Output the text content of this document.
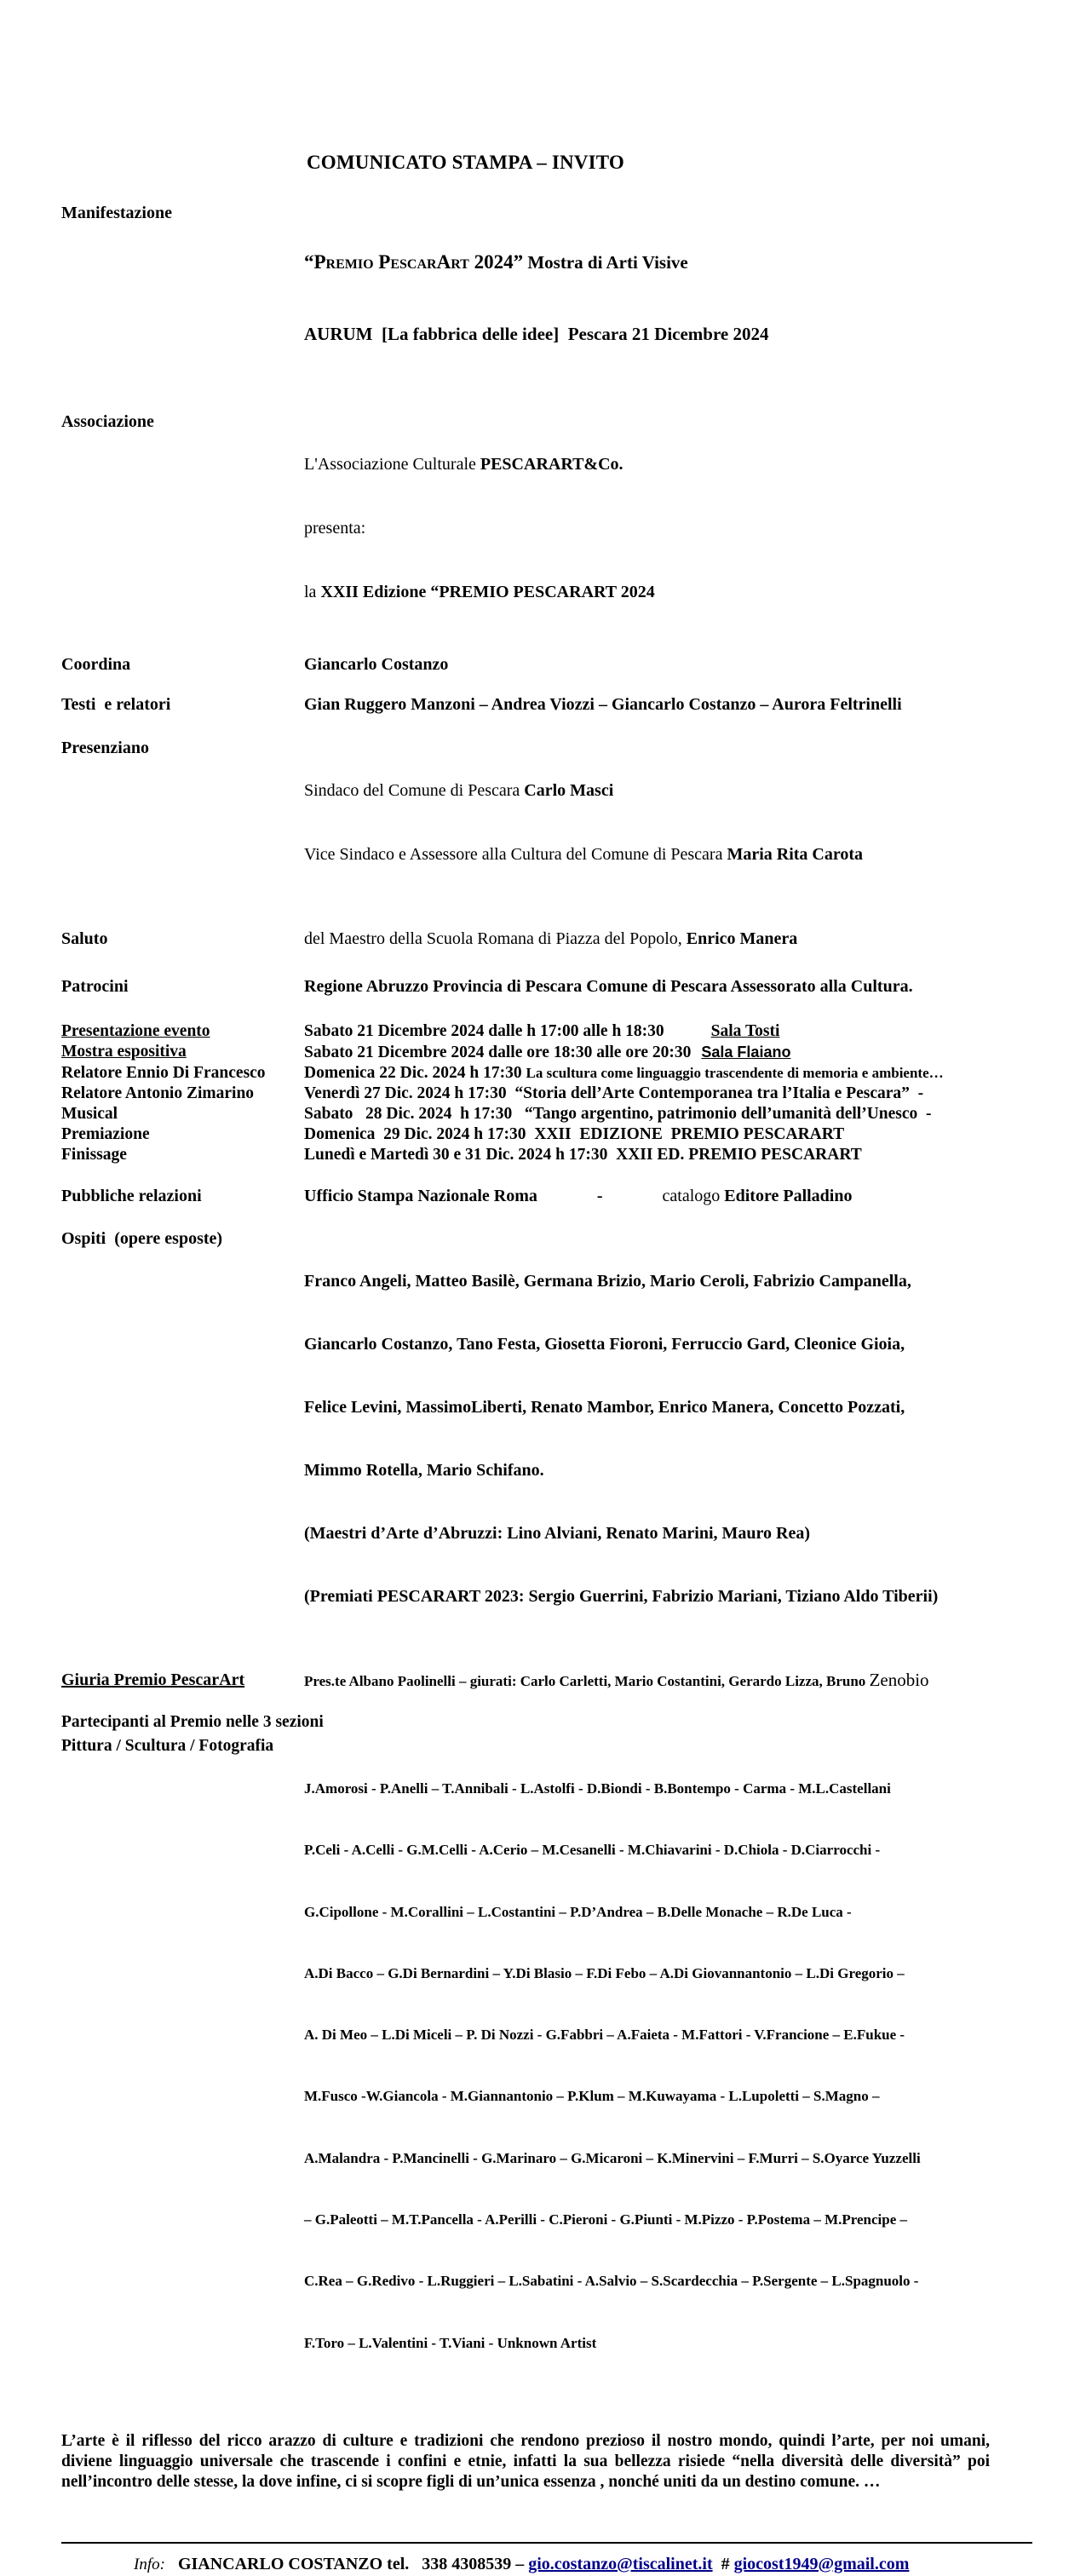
COMUNICATO STAMPA – INVITO
Manifestazione

“Premio PescarArt 2024” Mostra di Arti Visive

AURUM  [La fabbrica delle idee]  Pescara 21 Dicembre 2024

Associazione

L'Associazione Culturale PESCARART&Co.

presenta:

la XXII Edizione “PREMIO PESCARART 2024

Coordina	Giancarlo Costanzo
Testi  e relatori	Gian Ruggero Manzoni – Andrea Viozzi – Giancarlo Costanzo – Aurora Feltrinelli
Presenziano

Sindaco del Comune di Pescara Carlo Masci

Vice Sindaco e Assessore alla Cultura del Comune di Pescara Maria Rita Carota

Saluto	del Maestro della Scuola Romana di Piazza del Popolo, Enrico Manera
Patrocini	Regione Abruzzo Provincia di Pescara Comune di Pescara Assessorato alla Cultura.
Presentazione evento	Sabato 21 Dicembre 2024 dalle h 17:00 alle h 18:30	Sala Tosti
Mostra espositiva	Sabato 21 Dicembre 2024 dalle ore 18:30 alle ore 20:30 Sala Flaiano
Relatore Ennio Di Francesco	Domenica 22 Dic. 2024 h 17:30 La scultura come linguaggio trascendente di memoria e ambiente…
Relatore Antonio Zimarino	Venerdì 27 Dic. 2024 h 17:30  “Storia dell’Arte Contemporanea tra l’Italia e Pescara”  -
Musical	Sabato   28 Dic. 2024  h 17:30   “Tango argentino, patrimonio dell’umanità dell’Unesco  -
Premiazione	Domenica  29 Dic. 2024 h 17:30  XXII  EDIZIONE  PREMIO PESCARART
Finissage	Lunedì e Martedì 30 e 31 Dic. 2024 h 17:30  XXII ED. PREMIO PESCARART
Pubbliche relazioni	Ufficio Stampa Nazionale Roma	-	catalogo Editore Palladino
Ospiti  (opere esposte)

Franco Angeli, Matteo Basilè, Germana Brizio, Mario Ceroli, Fabrizio Campanella,

Giancarlo Costanzo, Tano Festa, Giosetta Fioroni, Ferruccio Gard, Cleonice Gioia,

Felice Levini, MassimoLiberti, Renato Mambor, Enrico Manera, Concetto Pozzati,

Mimmo Rotella, Mario Schifano.

(Maestri d’Arte d’Abruzzi: Lino Alviani, Renato Marini, Mauro Rea)

(Premiati PESCARART 2023: Sergio Guerrini, Fabrizio Mariani, Tiziano Aldo Tiberii)

Giuria Premio PescarArt	Pres.te Albano Paolinelli – giurati: Carlo Carletti, Mario Costantini, Gerardo Lizza, Bruno Zenobio
Partecipanti al Premio nelle 3 sezioni
Pittura / Scultura / Fotografia

J.Amorosi - P.Anelli – T.Annibali - L.Astolfi - D.Biondi - B.Bontempo - Carma - M.L.Castellani

P.Celi - A.Celli - G.M.Celli - A.Cerio – M.Cesanelli - M.Chiavarini - D.Chiola - D.Ciarrocchi -

G.Cipollone - M.Corallini – L.Costantini – P.D’Andrea – B.Delle Monache – R.De Luca -

A.Di Bacco – G.Di Bernardini – Y.Di Blasio – F.Di Febo – A.Di Giovannantonio – L.Di Gregorio –

A. Di Meo – L.Di Miceli – P. Di Nozzi - G.Fabbri – A.Faieta - M.Fattori - V.Francione – E.Fukue -

M.Fusco -W.Giancola - M.Giannantonio – P.Klum – M.Kuwayama - L.Lupoletti – S.Magno –

A.Malandra - P.Mancinelli - G.Marinaro – G.Micaroni – K.Minervini – F.Murri – S.Oyarce Yuzzelli

– G.Paleotti – M.T.Pancella - A.Perilli - C.Pieroni - G.Piunti - M.Pizzo - P.Postema – M.Prencipe –

C.Rea – G.Redivo - L.Ruggieri – L.Sabatini - A.Salvio – S.Scardecchia – P.Sergente – L.Spagnuolo -

F.Toro – L.Valentini - T.Viani - Unknown Artist

L’arte è il riflesso del ricco arazzo di culture e tradizioni che rendono prezioso il nostro mondo, quindi l’arte, per noi umani, diviene linguaggio universale che trascende i confini e etnie, infatti la sua bellezza risiede “nella diversità delle diversità” poi nell’incontro delle stesse, la dove infine, ci si scopre figli di un’unica essenza , nonché uniti da un destino comune. …
Info: GIANCARLO COSTANZO tel.   338 4308539 – gio.costanzo@tiscalinet.it  # giocost1949@gmail.com
